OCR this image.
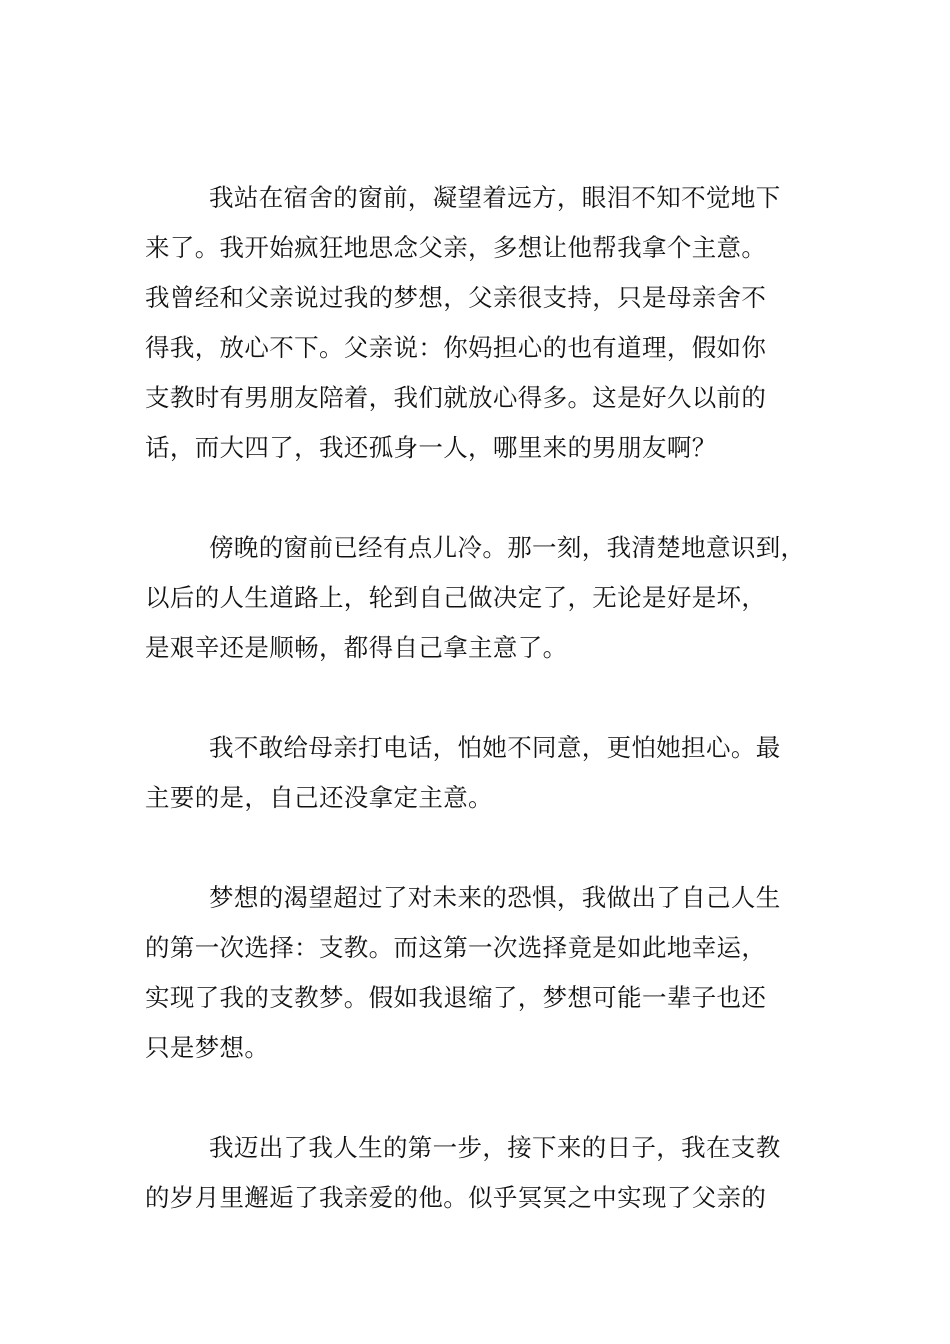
我站在宿舍的窗前，凝望着远方，眼泪不知不觉地下
来了。我开始疯狂地思念父亲，多想让他帮我拿个主意。
我曾经和父亲说过我的梦想，父亲很支持，只是母亲舍不
得我，放心不下。父亲说：你妈担心的也有道理，假如你
支教时有男朋友陪着，我们就放心得多。这是好久以前的
话，而大四了，我还孤身一人，哪里来的男朋友啊？
傍晚的窗前已经有点儿冷。那一刻，我清楚地意识到，
以后的人生道路上，轮到自己做决定了，无论是好是坏，
是艰辛还是顺畅，都得自己拿主意了。
我不敢给母亲打电话，怕她不同意，更怕她担心。最
主要的是，自己还没拿定主意。
梦想的渴望超过了对未来的恐惧，我做出了自己人生
的第一次选择：支教。而这第一次选择竟是如此地幸运，
实现了我的支教梦。假如我退缩了，梦想可能一辈子也还
只是梦想。
我迈出了我人生的第一步，接下来的日子，我在支教
的岁月里邂逅了我亲爱的他。似乎冥冥之中实现了父亲的
